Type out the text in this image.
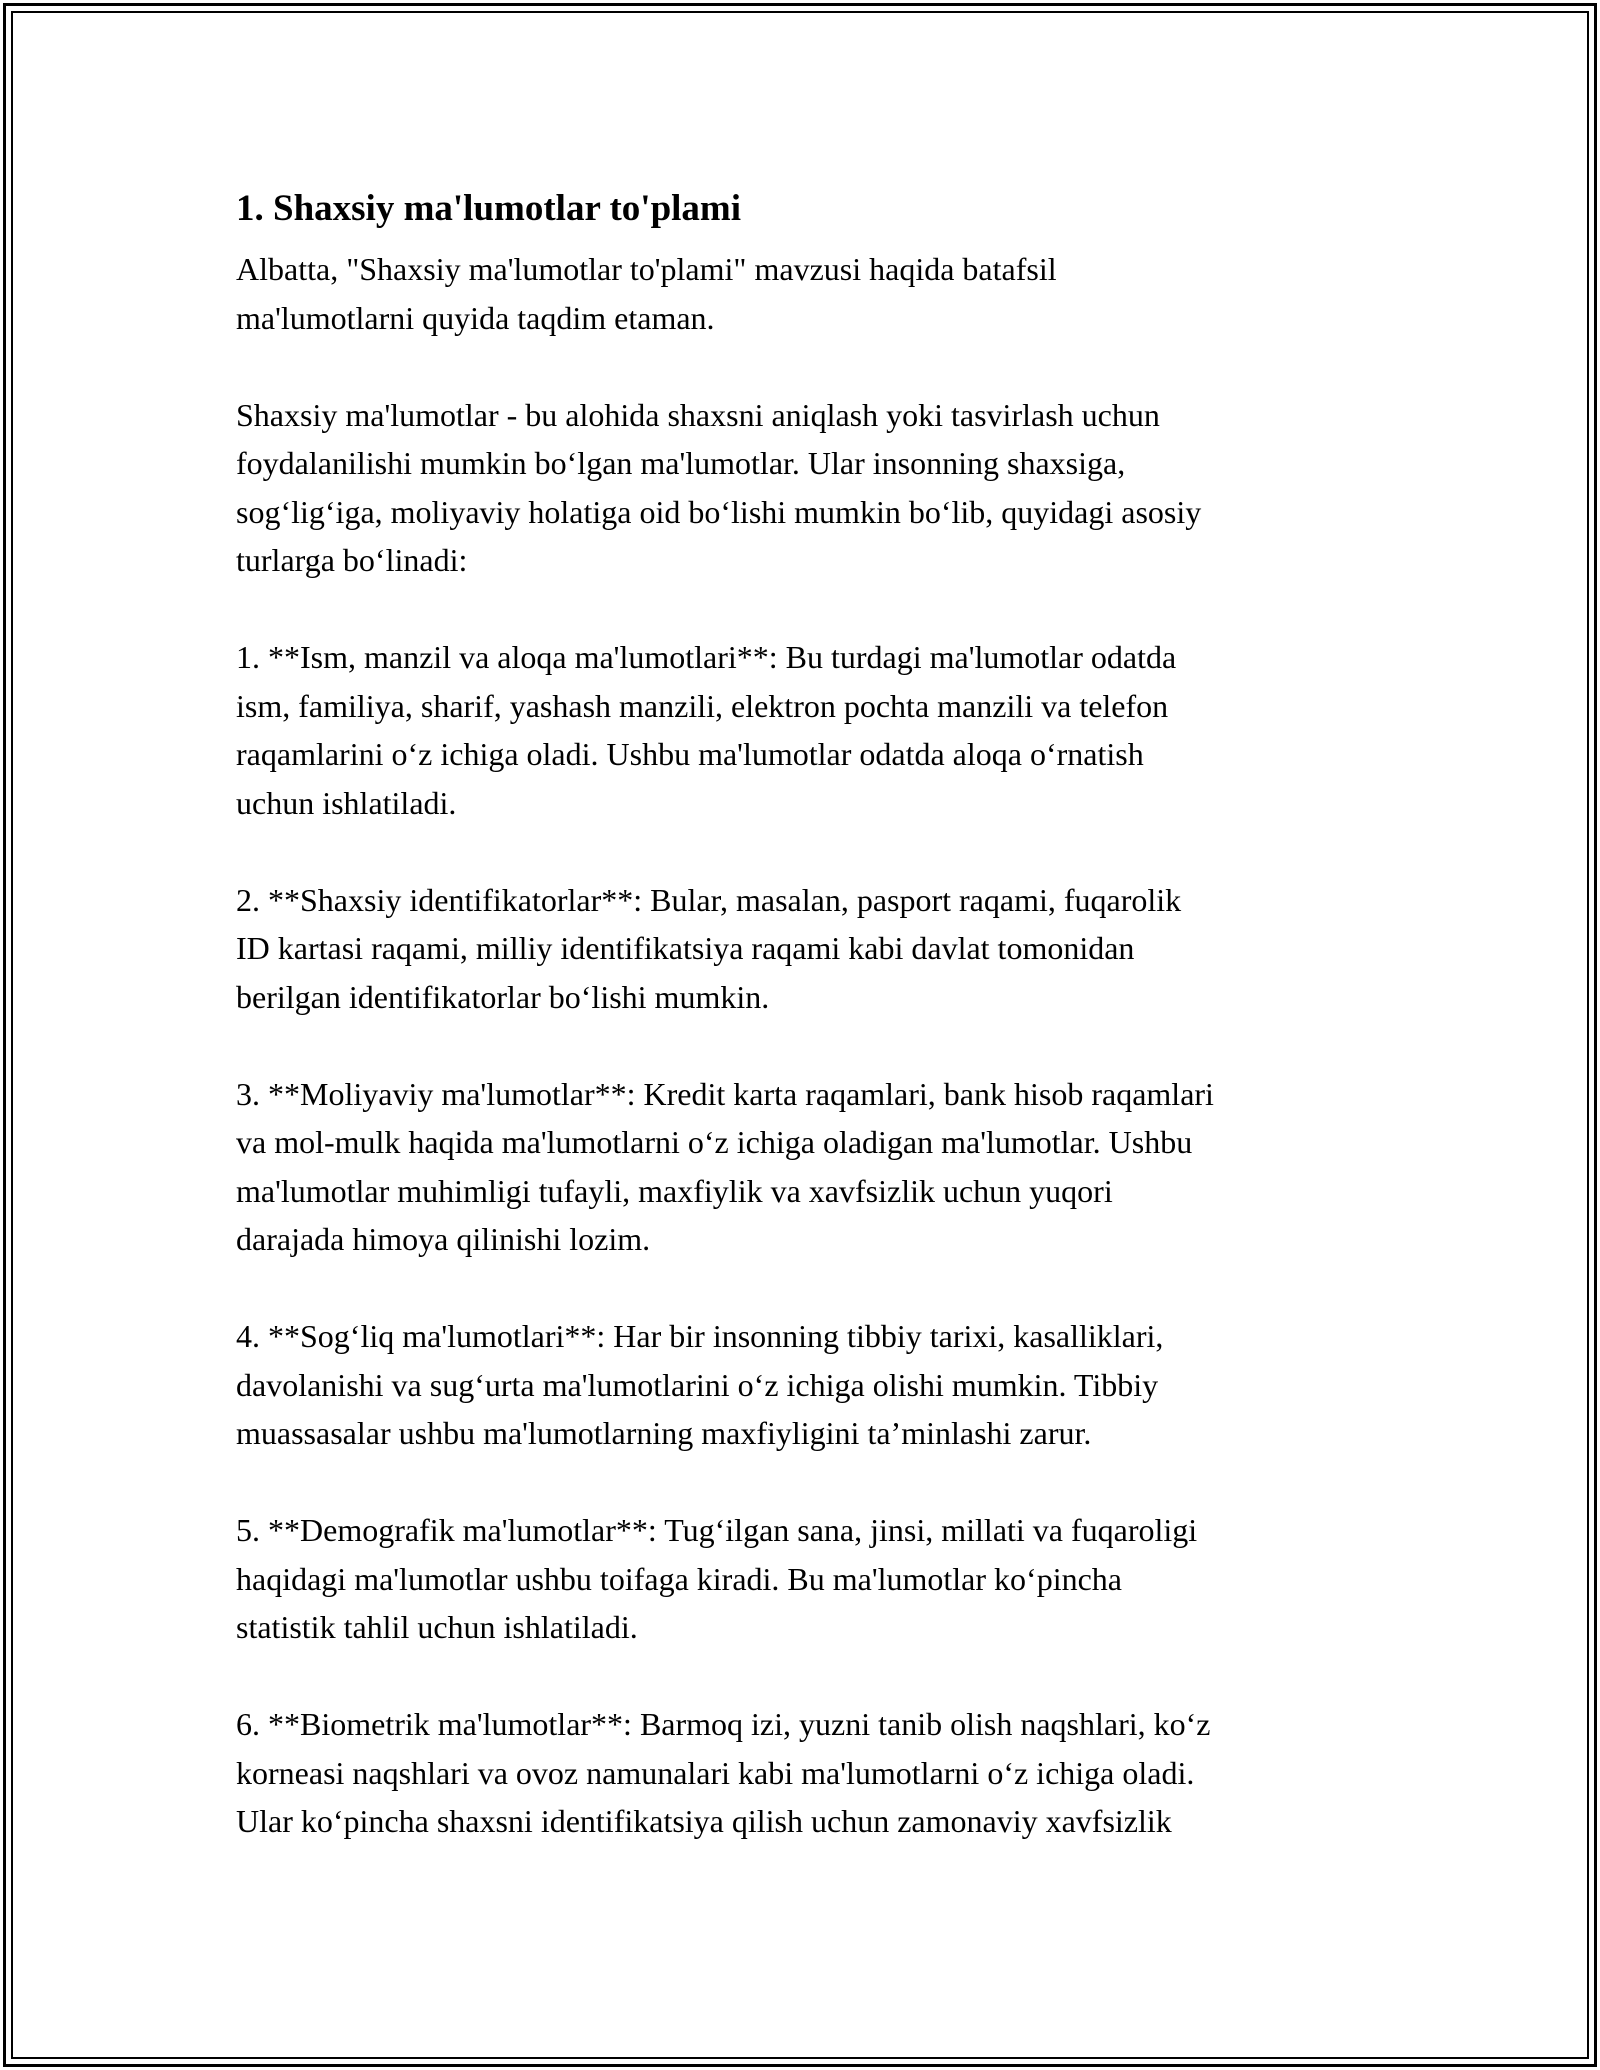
1. Shaxsiy ma'lumotlar to'plami

Albatta, "Shaxsiy ma'lumotlar to'plami" mavzusi haqida batafsil
ma'lumotlarni quyida taqdim etaman.

Shaxsiy ma'lumotlar - bu alohida shaxsni aniqlash yoki tasvirlash uchun
foydalanilishi mumkin bo‘lgan ma'lumotlar. Ular insonning shaxsiga,
sog‘lig‘iga, moliyaviy holatiga oid bo‘lishi mumkin bo‘lib, quyidagi asosiy
turlarga bo‘linadi:

1. **Ism, manzil va aloqa ma'lumotlari**: Bu turdagi ma'lumotlar odatda
ism, familiya, sharif, yashash manzili, elektron pochta manzili va telefon
raqamlarini o‘z ichiga oladi. Ushbu ma'lumotlar odatda aloqa o‘rnatish
uchun ishlatiladi.

2. **Shaxsiy identifikatorlar**: Bular, masalan, pasport raqami, fuqarolik
ID kartasi raqami, milliy identifikatsiya raqami kabi davlat tomonidan
berilgan identifikatorlar bo‘lishi mumkin.

3. **Moliyaviy ma'lumotlar**: Kredit karta raqamlari, bank hisob raqamlari
va mol-mulk haqida ma'lumotlarni o‘z ichiga oladigan ma'lumotlar. Ushbu
ma'lumotlar muhimligi tufayli, maxfiylik va xavfsizlik uchun yuqori
darajada himoya qilinishi lozim.

4. **Sog‘liq ma'lumotlari**: Har bir insonning tibbiy tarixi, kasalliklari,
davolanishi va sug‘urta ma'lumotlarini o‘z ichiga olishi mumkin. Tibbiy
muassasalar ushbu ma'lumotlarning maxfiyligini ta’minlashi zarur.

5. **Demografik ma'lumotlar**: Tug‘ilgan sana, jinsi, millati va fuqaroligi
haqidagi ma'lumotlar ushbu toifaga kiradi. Bu ma'lumotlar ko‘pincha
statistik tahlil uchun ishlatiladi.

6. **Biometrik ma'lumotlar**: Barmoq izi, yuzni tanib olish naqshlari, ko‘z
korneasi naqshlari va ovoz namunalari kabi ma'lumotlarni o‘z ichiga oladi.
Ular ko‘pincha shaxsni identifikatsiya qilish uchun zamonaviy xavfsizlik
